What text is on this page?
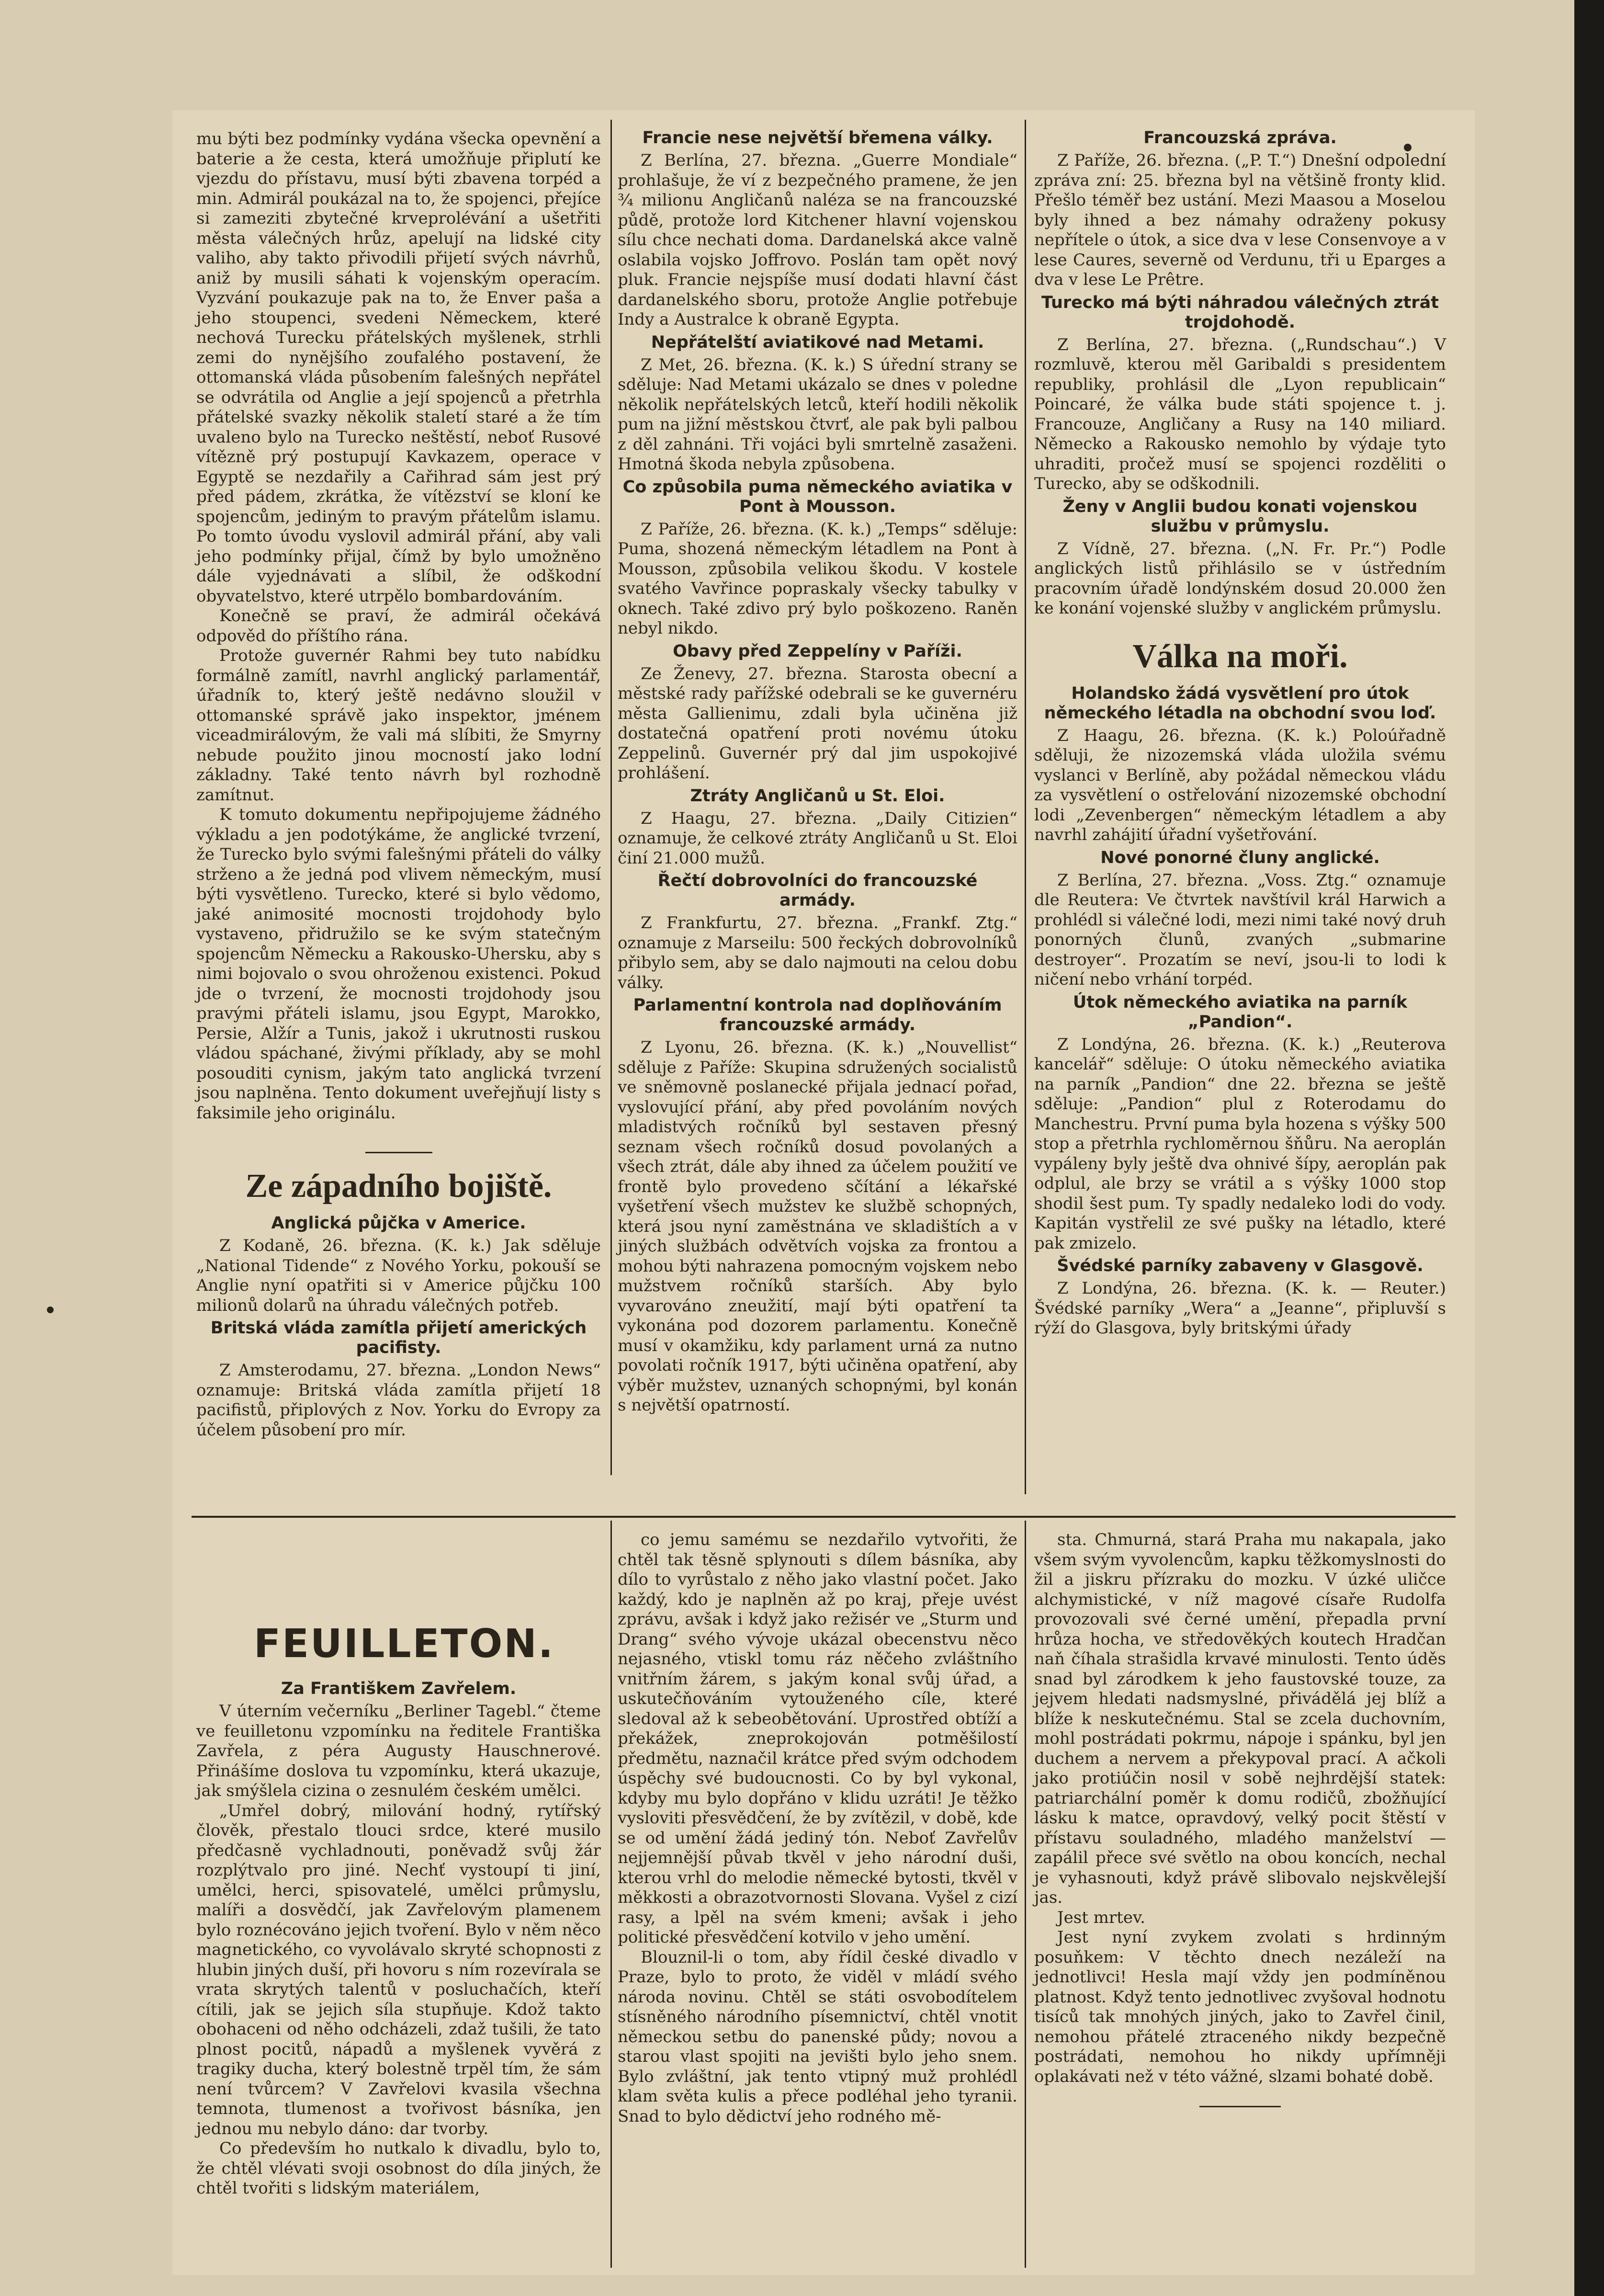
mu býti bez podmínky vydána všecka opevnění a baterie a že cesta, která umožňuje připlutí ke vjezdu do přístavu, musí býti zbavena torpéd a min. Admirál poukázal na to, že spojenci, přejíce si zameziti zbytečné krveprolévání a ušetřiti města válečných hrůz, apelují na lidské city valiho, aby takto přivodili přijetí svých návrhů, aniž by musili sáhati k vojenským operacím. Vyzvání poukazuje pak na to, že Enver paša a jeho stoupenci, svedeni Německem, které nechová Turecku přátelských myšlenek, strhli zemi do nynějšího zoufalého postavení, že ottomanská vláda působením falešných nepřátel se odvrátila od Anglie a její spojenců a přetrhla přátelské svazky několik staletí staré a že tím uvaleno bylo na Turecko neštěstí, neboť Rusové vítězně prý postupují Kavkazem, operace v Egyptě se nezdařily a Cařihrad sám jest prý před pádem, zkrátka, že vítězství se kloní ke spojencům, jediným to pravým přátelům islamu. Po tomto úvodu vyslovil admirál přání, aby vali jeho podmínky přijal, čímž by bylo umožněno dále vyjednávati a slíbil, že odškodní obyvatelstvo, které utrpělo bombardováním.

Konečně se praví, že admirál očekává odpověd do příštího rána.

Protože guvernér Rahmi bey tuto nabídku formálně zamítl, navrhl anglický parlamentář, úřadník to, který ještě nedávno sloužil v ottomanské správě jako inspektor, jménem viceadmirálovým, že vali má slíbiti, že Smyrny nebude použito jinou mocností jako lodní základny. Také tento návrh byl rozhodně zamítnut.

K tomuto dokumentu nepřipojujeme žádného výkladu a jen podotýkáme, že anglické tvrzení, že Turecko bylo svými falešnými přáteli do války strženo a že jedná pod vlivem německým, musí býti vysvětleno. Turecko, které si bylo vědomo, jaké animosité mocnosti trojdohody bylo vystaveno, přidružilo se ke svým statečným spojencům Německu a Rakousko-Uhersku, aby s nimi bojovalo o svou ohroženou existenci. Pokud jde o tvrzení, že mocnosti trojdohody jsou pravými přáteli islamu, jsou Egypt, Marokko, Persie, Alžír a Tunis, jakož i ukrutnosti ruskou vládou spáchané, živými příklady, aby se mohl posouditi cynism, jakým tato anglická tvrzení jsou naplněna. Tento dokument uveřejňují listy s faksimile jeho originálu.

Ze západního bojiště.
Anglická půjčka v Americe.

Z Kodaně, 26. března. (K. k.) Jak sděluje „National Tidende“ z Nového Yorku, pokouší se Anglie nyní opatřiti si v Americe půjčku 100 milionů dolarů na úhradu válečných potřeb.

Britská vláda zamítla přijetí amerických pacifisty.

Z Amsterodamu, 27. března. „London News“ oznamuje: Britská vláda zamítla přijetí 18 pacifistů, připlových z Nov. Yorku do Evropy za účelem působení pro mír.

Francie nese největší břemena války.

Z Berlína, 27. března. „Guerre Mondiale“ prohlašuje, že ví z bezpečného pramene, že jen ¾ milionu Angličanů naléza se na francouzské půdě, protože lord Kitchener hlavní vojenskou sílu chce nechati doma. Dardanelská akce valně oslabila vojsko Joffrovo. Poslán tam opět nový pluk. Francie nejspíše musí dodati hlavní část dardanelského sboru, protože Anglie potřebuje Indy a Australce k obraně Egypta.

Nepřátelští aviatikové nad Metami.

Z Met, 26. března. (K. k.) S úřední strany se sděluje: Nad Metami ukázalo se dnes v poledne několik nepřátelských letců, kteří hodili několik pum na jižní městskou čtvrť, ale pak byli palbou z děl zahnáni. Tři vojáci byli smrtelně zasaženi. Hmotná škoda nebyla způsobena.

Co způsobila puma německého aviatika v Pont à Mousson.

Z Paříže, 26. března. (K. k.) „Temps“ sděluje: Puma, shozená německým létadlem na Pont à Mousson, způsobila velikou škodu. V kostele svatého Vavřince popraskaly všecky tabulky v oknech. Také zdivo prý bylo poškozeno. Raněn nebyl nikdo.

Obavy před Zeppelíny v Paříži.

Ze Ženevy, 27. března. Starosta obecní a městské rady pařížské odebrali se ke guvernéru města Gallienimu, zdali byla učiněna již dostatečná opatření proti novému útoku Zeppelinů. Guvernér prý dal jim uspokojivé prohlášení.

Ztráty Angličanů u St. Eloi.

Z Haagu, 27. března. „Daily Citizien“ oznamuje, že celkové ztráty Angličanů u St. Eloi činí 21.000 mužů.

Řečtí dobrovolníci do francouzské armády.

Z Frankfurtu, 27. března. „Frankf. Ztg.“ oznamuje z Marseilu: 500 řeckých dobrovolníků přibylo sem, aby se dalo najmouti na celou dobu války.

Parlamentní kontrola nad doplňováním francouzské armády.

Z Lyonu, 26. března. (K. k.) „Nouvellist“ sděluje z Paříže: Skupina sdružených socialistů ve sněmovně poslanecké přijala jednací pořad, vyslovující přání, aby před povoláním nových mladistvých ročníků byl sestaven přesný seznam všech ročníků dosud povolaných a všech ztrát, dále aby ihned za účelem použití ve frontě bylo provedeno sčítání a lékařské vyšetření všech mužstev ke službě schopných, která jsou nyní zaměstnána ve skladištích a v jiných službách odvětvích vojska za frontou a mohou býti nahrazena pomocným vojskem nebo mužstvem ročníků starších. Aby bylo vyvarováno zneužití, mají býti opatření ta vykonána pod dozorem parlamentu. Konečně musí v okamžiku, kdy parlament urná za nutno povolati ročník 1917, býti učiněna opatření, aby výběr mužstev, uznaných schopnými, byl konán s největší opatrností.

Francouzská zpráva.

Z Paříže, 26. března. („P. T.“) Dnešní odpolední zpráva zní: 25. března byl na většině fronty klid. Přešlo téměř bez ustání. Mezi Maasou a Moselou byly ihned a bez námahy odraženy pokusy nepřítele o útok, a sice dva v lese Consenvoye a v lese Caures, severně od Verdunu, tři u Eparges a dva v lese Le Prêtre.

Turecko má býti náhradou válečných ztrát trojdohodě.

Z Berlína, 27. března. („Rundschau“.) V rozmluvě, kterou měl Garibaldi s presidentem republiky, prohlásil dle „Lyon republicain“ Poincaré, že válka bude státi spojence t. j. Francouze, Angličany a Rusy na 140 miliard. Německo a Rakousko nemohlo by výdaje tyto uhraditi, pročež musí se spojenci rozděliti o Turecko, aby se odškodnili.

Ženy v Anglii budou konati vojenskou službu v průmyslu.

Z Vídně, 27. března. („N. Fr. Pr.“) Podle anglických listů přihlásilo se v ústředním pracovním úřadě londýnském dosud 20.000 žen ke konání vojenské služby v anglickém průmyslu.

Válka na moři.
Holandsko žádá vysvětlení pro útok německého létadla na obchodní svou loď.

Z Haagu, 26. března. (K. k.) Poloúřadně sděluji, že nizozemská vláda uložila svému vyslanci v Berlíně, aby požádal německou vládu za vysvětlení o ostřelování nizozemské obchodní lodi „Zevenbergen“ německým létadlem a aby navrhl zahájití úřadní vyšetřování.

Nové ponorné čluny anglické.

Z Berlína, 27. března. „Voss. Ztg.“ oznamuje dle Reutera: Ve čtvrtek navštívil král Harwich a prohlédl si válečné lodi, mezi nimi také nový druh ponorných člunů, zvaných „submarine destroyer“. Prozatím se neví, jsou-li to lodi k ničení nebo vrhání torpéd.

Útok německého aviatika na parník „Pandion“.

Z Londýna, 26. března. (K. k.) „Reuterova kancelář“ sděluje: O útoku německého aviatika na parník „Pandion“ dne 22. března se ještě sděluje: „Pandion“ plul z Roterodamu do Manchestru. První puma byla hozena s výšky 500 stop a přetrhla rychloměrnou šňůru. Na aeroplán vypáleny byly ještě dva ohnivé šípy, aeroplán pak odplul, ale brzy se vrátil a s výšky 1000 stop shodil šest pum. Ty spadly nedaleko lodi do vody. Kapitán vystřelil ze své pušky na létadlo, které pak zmizelo.

Švédské parníky zabaveny v Glasgově.

Z Londýna, 26. března. (K. k. — Reuter.) Švédské parníky „Wera“ a „Jeanne“, připluvší s rýží do Glasgova, byly britskými úřady

FEUILLETON.
Za Františkem Zavřelem.

V úterním večerníku „Berliner Tagebl.“ čteme ve feuilletonu vzpomínku na ředitele Františka Zavřela, z péra Augusty Hauschnerové. Přinášíme doslova tu vzpomínku, která ukazuje, jak smýšlela cizina o zesnulém českém umělci.

„Umřel dobrý, milování hodný, rytířský člověk, přestalo tlouci srdce, které musilo předčasně vychladnouti, poněvadž svůj žár rozplýtvalo pro jiné. Nechť vystoupí ti jiní, umělci, herci, spisovatelé, umělci průmyslu, malíři a dosvědčí, jak Zavřelovým plamenem bylo roznécováno jejich tvoření. Bylo v něm něco magnetického, co vyvolávalo skryté schopnosti z hlubin jiných duší, při hovoru s ním rozevírala se vrata skrytých talentů v posluchačích, kteří cítili, jak se jejich síla stupňuje. Kdož takto obohaceni od něho odcházeli, zdaž tušili, že tato plnost pocitů, nápadů a myšlenek vyvěrá z tragiky ducha, který bolestně trpěl tím, že sám není tvůrcem? V Zavřelovi kvasila všechna temnota, tlumenost a tvořivost básníka, jen jednou mu nebylo dáno: dar tvorby.

Co především ho nutkalo k divadlu, bylo to, že chtěl vlévati svoji osobnost do díla jiných, že chtěl tvořiti s lidským materiálem,

co jemu samému se nezdařilo vytvořiti, že chtěl tak těsně splynouti s dílem básníka, aby dílo to vyrůstalo z něho jako vlastní počet. Jako každý, kdo je naplněn až po kraj, přeje uvést zprávu, avšak i když jako režisér ve „Sturm und Drang“ svého vývoje ukázal obecenstvu něco nejasného, vtiskl tomu ráz něčeho zvláštního vnitřním žárem, s jakým konal svůj úřad, a uskutečňováním vytouženého cíle, které sledoval až k sebeobětování. Uprostřed obtíží a překážek, zneprokojován potměšilostí předmětu, naznačil krátce před svým odchodem úspěchy své budoucnosti. Co by byl vykonal, kdyby mu bylo dopřáno v klidu uzráti! Je těžko vysloviti přesvědčení, že by zvítězil, v době, kde se od umění žádá jediný tón. Neboť Zavřelův nejjemnější půvab tkvěl v jeho národní duši, kterou vrhl do melodie německé bytosti, tkvěl v měkkosti a obrazotvornosti Slovana. Vyšel z cizí rasy, a lpěl na svém kmeni; avšak i jeho politické přesvědčení kotvilo v jeho umění.

Blouznil-li o tom, aby řídil české divadlo v Praze, bylo to proto, že viděl v mládí svého národa novinu. Chtěl se státi osvobodítelem stísněného národního písemnictví, chtěl vnotit německou setbu do panenské půdy; novou a starou vlast spojiti na jevišti bylo jeho snem. Bylo zvláštní, jak tento vtipný muž prohlédl klam světa kulis a přece podléhal jeho tyranii. Snad to bylo dědictví jeho rodného mě-

sta. Chmurná, stará Praha mu nakapala, jako všem svým vyvolencům, kapku těžkomyslnosti do žil a jiskru přízraku do mozku. V úzké uličce alchymistické, v níž magové císaře Rudolfa provozovali své černé umění, přepadla první hrůza hocha, ve středověkých koutech Hradčan naň číhala strašidla krvavé minulosti. Tento úděs snad byl zárodkem k jeho faustovské touze, za jejvem hledati nadsmyslné, přivádělá jej blíž a blíže k neskutečnému. Stal se zcela duchovním, mohl postrádati pokrmu, nápoje i spánku, byl jen duchem a nervem a překypoval prací. A ačkoli jako protiúčin nosil v sobě nejhrdější statek: patriarchální poměr k domu rodičů, zbožňující lásku k matce, opravdový, velký pocit štěstí v přístavu souladného, mladého manželství — zapálil přece své světlo na obou koncích, nechal je vyhasnouti, když právě slibovalo nejskvělejší jas.

Jest mrtev.

Jest nyní zvykem zvolati s hrdinným posuňkem: V těchto dnech nezáleží na jednotlivci! Hesla mají vždy jen podmíněnou platnost. Když tento jednotlivec zvyšoval hodnotu tisíců tak mnohých jiných, jako to Zavřel činil, nemohou přátelé ztraceného nikdy bezpečně postrádati, nemohou ho nikdy upřímněji oplakávati než v této vážné, slzami bohaté době.
